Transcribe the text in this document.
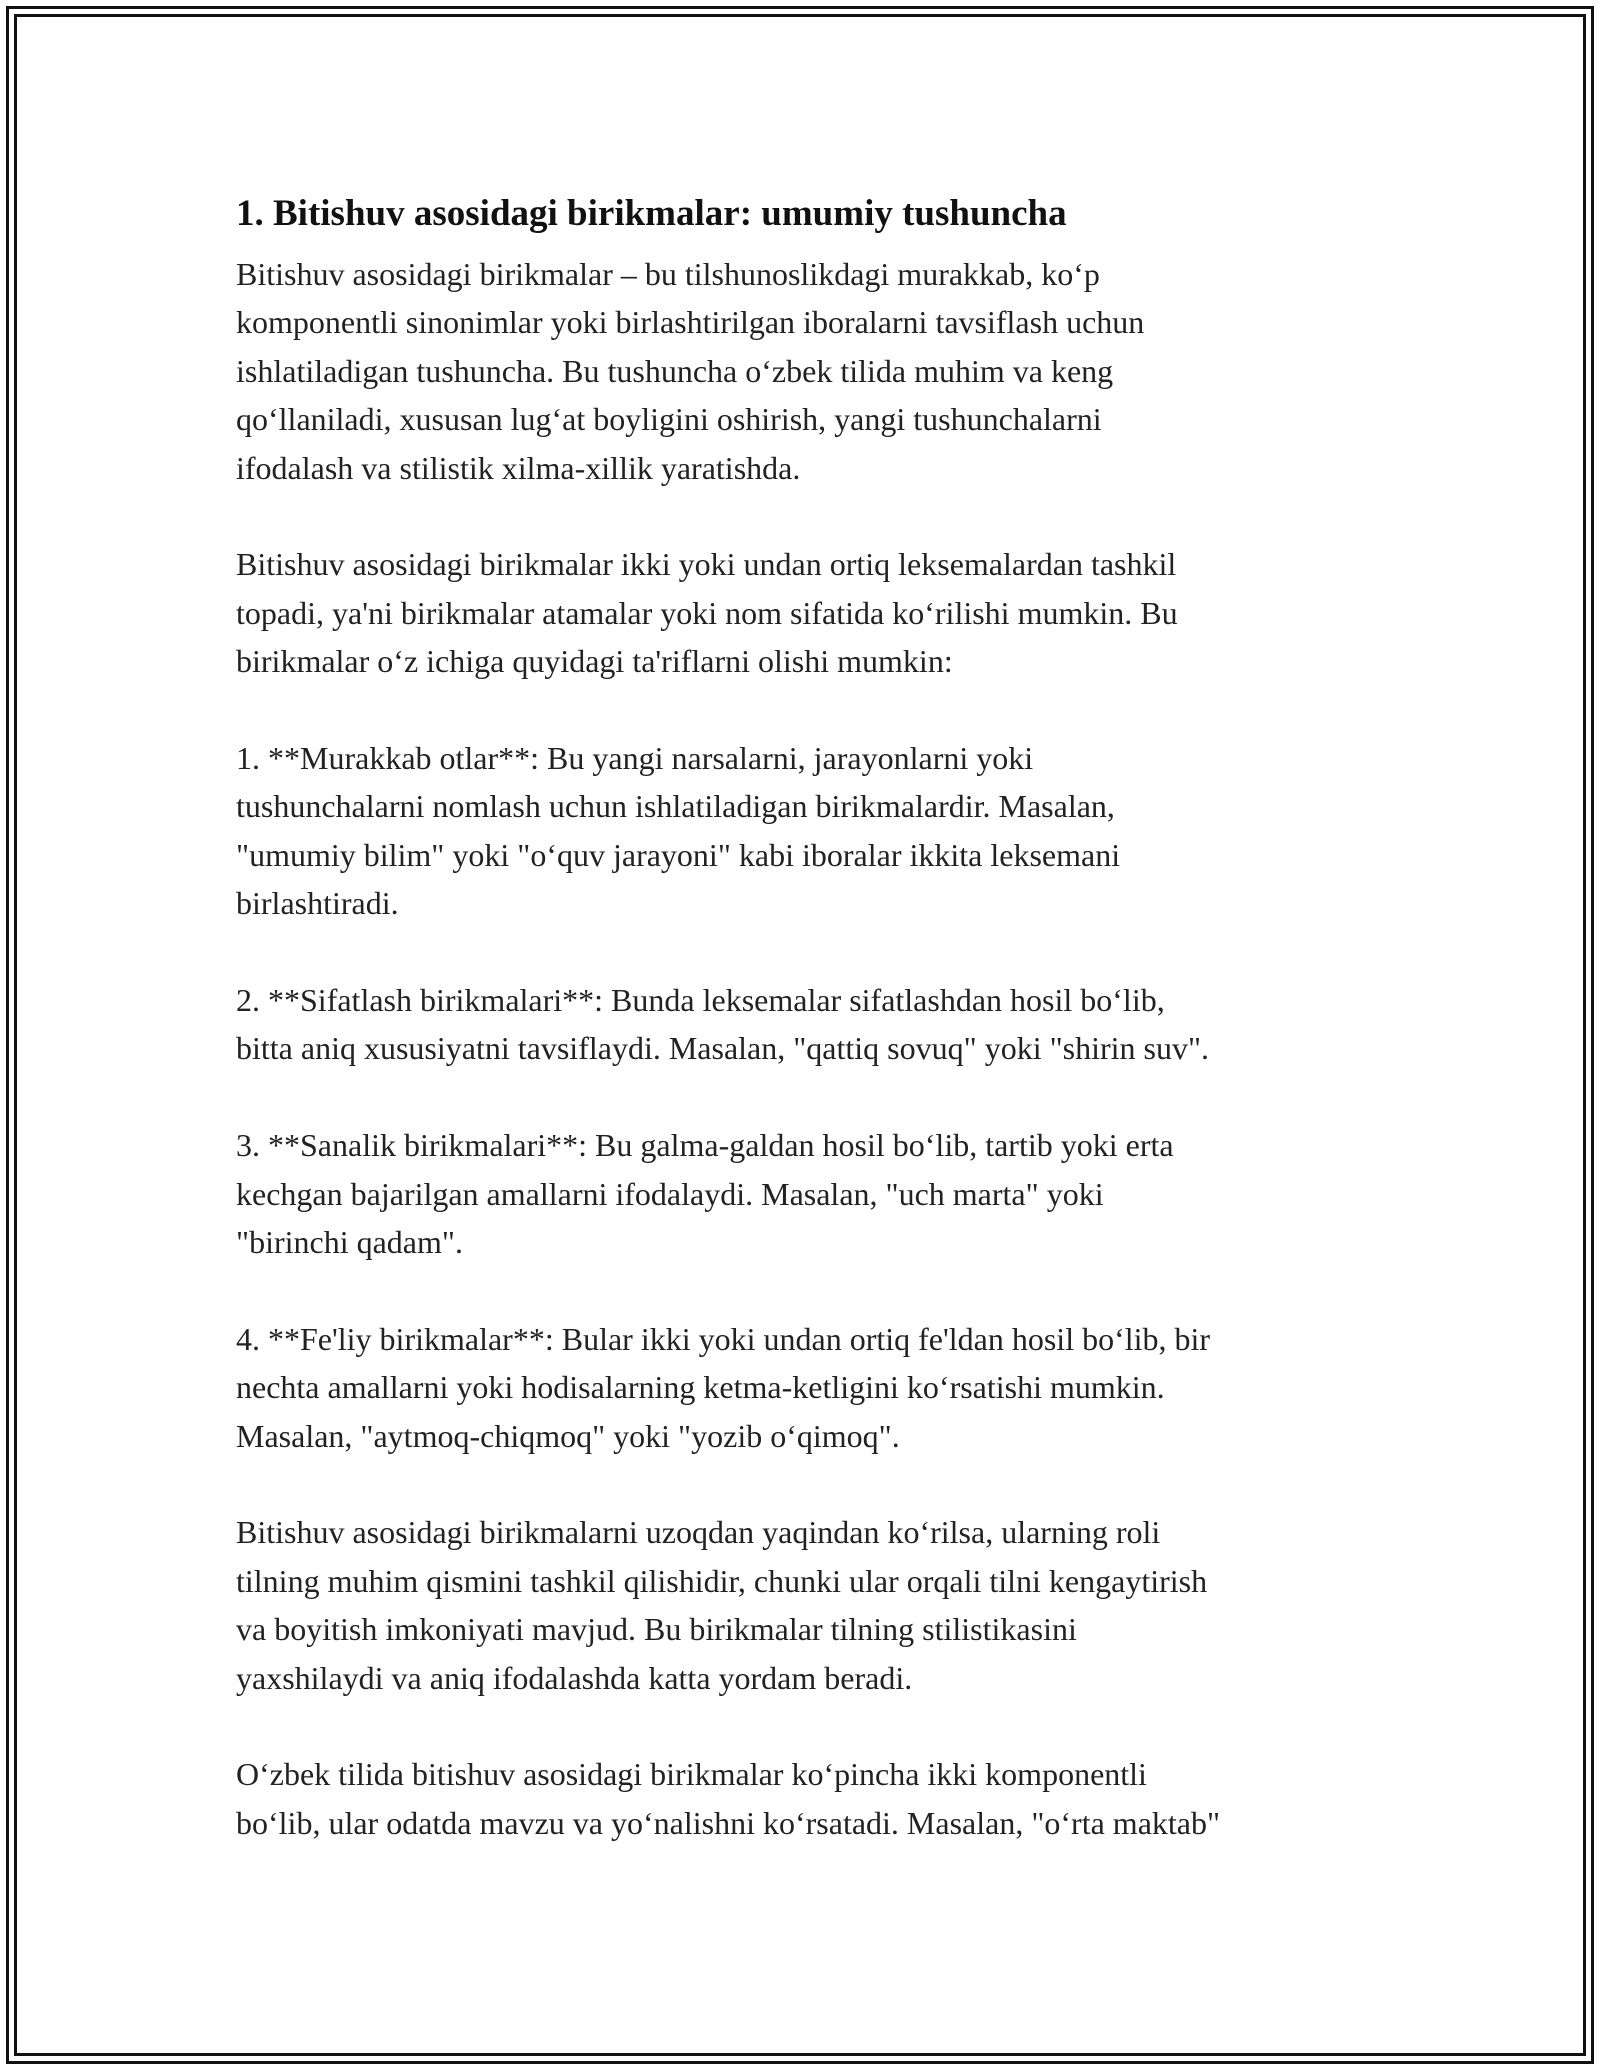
1. Bitishuv asosidagi birikmalar: umumiy tushuncha
Bitishuv asosidagi birikmalar – bu tilshunoslikdagi murakkab, ko‘p
komponentli sinonimlar yoki birlashtirilgan iboralarni tavsiflash uchun
ishlatiladigan tushuncha. Bu tushuncha o‘zbek tilida muhim va keng
qo‘llaniladi, xususan lug‘at boyligini oshirish, yangi tushunchalarni
ifodalash va stilistik xilma-xillik yaratishda.
Bitishuv asosidagi birikmalar ikki yoki undan ortiq leksemalardan tashkil
topadi, ya'ni birikmalar atamalar yoki nom sifatida ko‘rilishi mumkin. Bu
birikmalar o‘z ichiga quyidagi ta'riflarni olishi mumkin:
1. **Murakkab otlar**: Bu yangi narsalarni, jarayonlarni yoki
tushunchalarni nomlash uchun ishlatiladigan birikmalardir. Masalan,
"umumiy bilim" yoki "o‘quv jarayoni" kabi iboralar ikkita leksemani
birlashtiradi.
2. **Sifatlash birikmalari**: Bunda leksemalar sifatlashdan hosil bo‘lib,
bitta aniq xususiyatni tavsiflaydi. Masalan, "qattiq sovuq" yoki "shirin suv".
3. **Sanalik birikmalari**: Bu galma-galdan hosil bo‘lib, tartib yoki erta
kechgan bajarilgan amallarni ifodalaydi. Masalan, "uch marta" yoki
"birinchi qadam".
4. **Fe'liy birikmalar**: Bular ikki yoki undan ortiq fe'ldan hosil bo‘lib, bir
nechta amallarni yoki hodisalarning ketma-ketligini ko‘rsatishi mumkin.
Masalan, "aytmoq-chiqmoq" yoki "yozib o‘qimoq".
Bitishuv asosidagi birikmalarni uzoqdan yaqindan ko‘rilsa, ularning roli
tilning muhim qismini tashkil qilishidir, chunki ular orqali tilni kengaytirish
va boyitish imkoniyati mavjud. Bu birikmalar tilning stilistikasini
yaxshilaydi va aniq ifodalashda katta yordam beradi.
O‘zbek tilida bitishuv asosidagi birikmalar ko‘pincha ikki komponentli
bo‘lib, ular odatda mavzu va yo‘nalishni ko‘rsatadi. Masalan, "o‘rta maktab"
